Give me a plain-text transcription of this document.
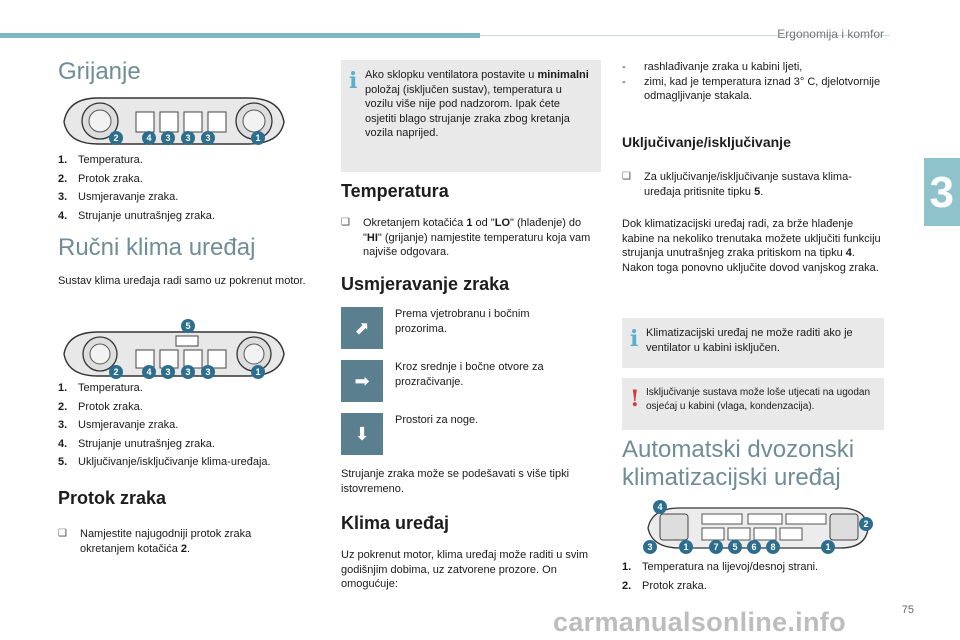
Ergonomija i komfor
3
75
Grijanje
2	4 3 3 3	1
1. Temperatura.
2. Protok zraka.
3. Usmjeravanje zraka.
4. Strujanje unutrašnjeg zraka.
Ručni klima uređaj

Sustav klima uređaja radi samo uz pokrenut motor.

5
2	4 3 3 3	1
1. Temperatura.
2. Protok zraka.
3. Usmjeravanje zraka.
4. Strujanje unutrašnjeg zraka.
5. Uključivanje/isključivanje klima-uređaja.
Protok zraka
❑	Namjestite najugodniji protok zraka okretanjem kotačića 2.
i Ako sklopku ventilatora postavite u minimalni položaj (isključen sustav), temperatura u vozilu više nije pod nadzorom. Ipak ćete osjetiti blago strujanje zraka zbog kretanja vozila naprijed.

Temperatura
❑	Okretanjem kotačića 1 od "LO" (hlađenje) do "HI" (grijanje) namjestite temperaturu koja vam najviše odgovara.
Usmjeravanje zraka
⬈
Prema vjetrobranu i bočnim prozorima.
➡
Kroz srednje i bočne otvore za prozračivanje.
⬇
Prostori za noge.

Strujanje zraka može se podešavati s više tipki istovremeno.

Klima uređaj

Uz pokrenut motor, klima uređaj može raditi u svim godišnjim dobima, uz zatvorene prozore. On omogućuje:

-	rashlađivanje zraka u kabini ljeti,
-	zimi, kad je temperatura iznad 3° C, djelotvornije odmagljivanje stakala.
Uključivanje/isključivanje
❑	Za uključivanje/isključivanje sustava klima-uređaja pritisnite tipku 5.

Dok klimatizacijski uređaj radi, za brže hlađenje kabine na nekoliko trenutaka možete uključiti funkciju strujanja unutrašnjeg zraka pritiskom na tipku 4. Nakon toga ponovno uključite dovod vanjskog zraka.

i Klimatizacijski uređaj ne može raditi ako je ventilator u kabini isključen.

! Isključivanje sustava može loše utjecati na ugodan osjećaj u kabini (vlaga, kondenzacija).

Automatski dvozonski klimatizacijski uređaj
4
2
3	1	7 5 6 8	1
1. Temperatura na lijevoj/desnoj strani.
2. Protok zraka.
carmanualsonline.info
